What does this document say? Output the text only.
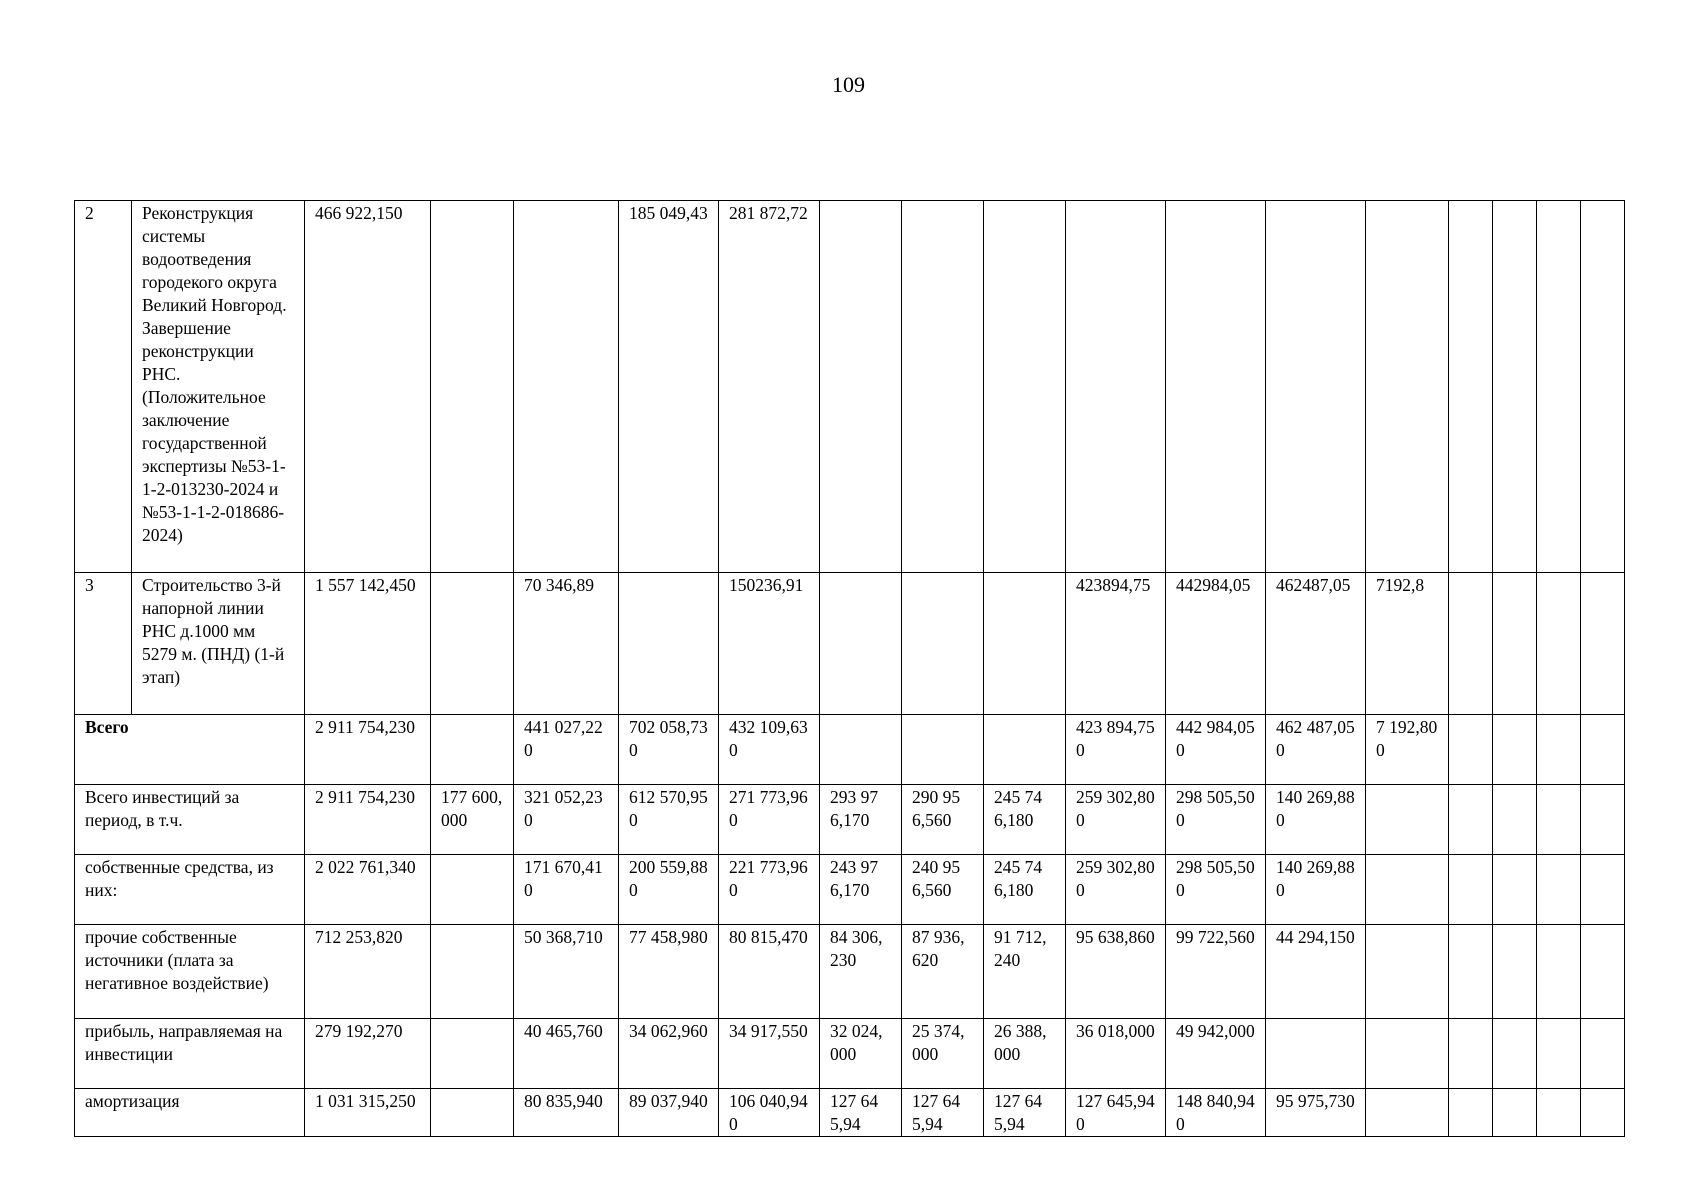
109
2	Реконструкция системы водоотведения городекого округа Великий Новгород. Завершение реконструкции РНС. (Положительное заключение государственной экспертизы №53-1-1-2-013230-2024 и №53-1-1-2-018686-2024)	466 922,150			185 049,43	281 872,72											
3	Строительство 3-й напорной линии РНС д.1000 мм 5279 м. (ПНД) (1-й этап)	1 557 142,450		70 346,89		150236,91				423894,75	442984,05	462487,05	7192,8				
Всего		2 911 754,230		441 027,220	702 058,730	432 109,630				423 894,750	442 984,050	462 487,050	7 192,800				
Всего инвестиций за период, в т.ч.		2 911 754,230	177 600,000	321 052,230	612 570,950	271 773,960	293 976,170	290 956,560	245 746,180	259 302,800	298 505,500	140 269,880					
собственные средства, из них:		2 022 761,340		171 670,410	200 559,880	221 773,960	243 976,170	240 956,560	245 746,180	259 302,800	298 505,500	140 269,880					
прочие собственные источники (плата за негативное воздействие)		712 253,820		50 368,710	77 458,980	80 815,470	84 306,230	87 936,620	91 712,240	95 638,860	99 722,560	44 294,150					
прибыль, направляемая на инвестиции		279 192,270		40 465,760	34 062,960	34 917,550	32 024,000	25 374,000	26 388,000	36 018,000	49 942,000						
амортизация		1 031 315,250		80 835,940	89 037,940	106 040,940	127 645,94	127 645,94	127 645,94	127 645,940	148 840,940	95 975,730					
